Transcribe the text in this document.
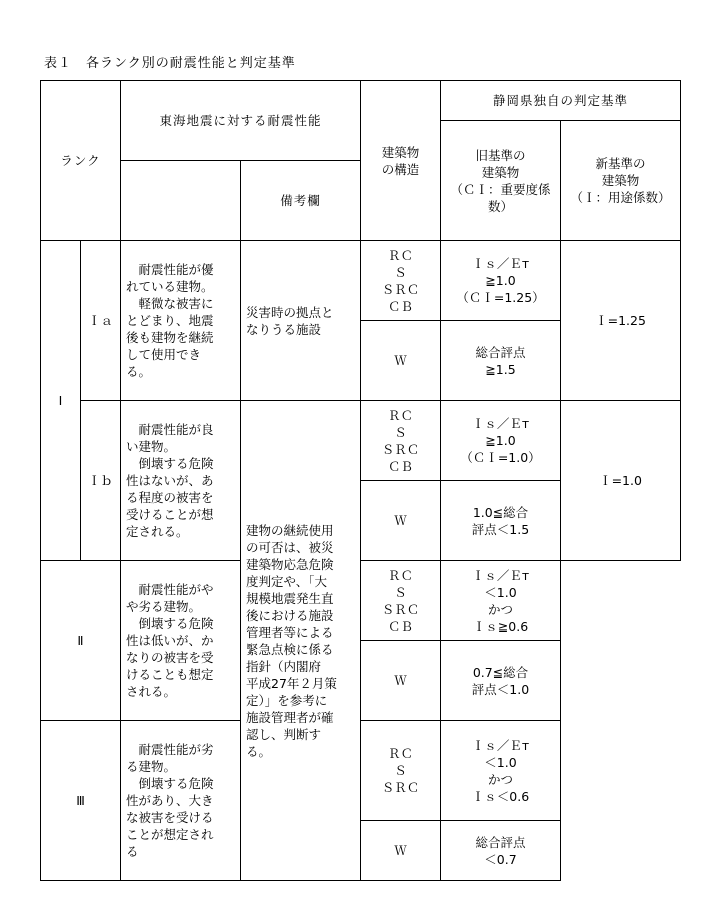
表１　各ランク別の耐震性能と判定基準
ランク
東海地震に対する耐震性能
備考欄
建築物
の構造
静岡県独自の判定基準
旧基準の
建築物
（ＣＩ：重要度係
数）
新基準の
建築物
（Ｉ：用途係数）
Ⅰ
Ｉａ
　耐震性能が優
れている建物。
　軽微な被害に
とどまり、地震
後も建物を継続
して使用でき
る。
災害時の拠点と
なりうる施設
ＲＣ
Ｓ
ＳＲＣ
ＣＢ
Ｉｓ／Ｅт
≧1.0
（ＣＩ=1.25）
Ｗ
総合評点
≧1.5
Ｉ=1.25
Ｉｂ
　耐震性能が良
い建物。
　倒壊する危険
性はないが、あ
る程度の被害を
受けることが想
定される。
ＲＣ
Ｓ
ＳＲＣ
ＣＢ
Ｉｓ／Ｅт
≧1.0
（ＣＩ=1.0）
Ｗ
1.0≦総合
評点＜1.5
Ｉ=1.0
建物の継続使用
の可否は、被災
建築物応急危険
度判定や、「大
規模地震発生直
後における施設
管理者等による
緊急点検に係る
指針（内閣府
平成27年２月策
定）」を参考に
施設管理者が確
認し、判断す
る。
Ⅱ
　耐震性能がや
や劣る建物。
　倒壊する危険
性は低いが、か
なりの被害を受
けることも想定
される。
ＲＣ
Ｓ
ＳＲＣ
ＣＢ
Ｉｓ／Ｅт
＜1.0
かつ
Ｉｓ≧0.6
Ｗ
0.7≦総合
評点＜1.0
Ⅲ
　耐震性能が劣
る建物。
　倒壊する危険
性があり、大き
な被害を受ける
ことが想定され
る
ＲＣ
Ｓ
ＳＲＣ
Ｉｓ／Ｅт
＜1.0
かつ
Ｉｓ＜0.6
Ｗ
総合評点
＜0.7
